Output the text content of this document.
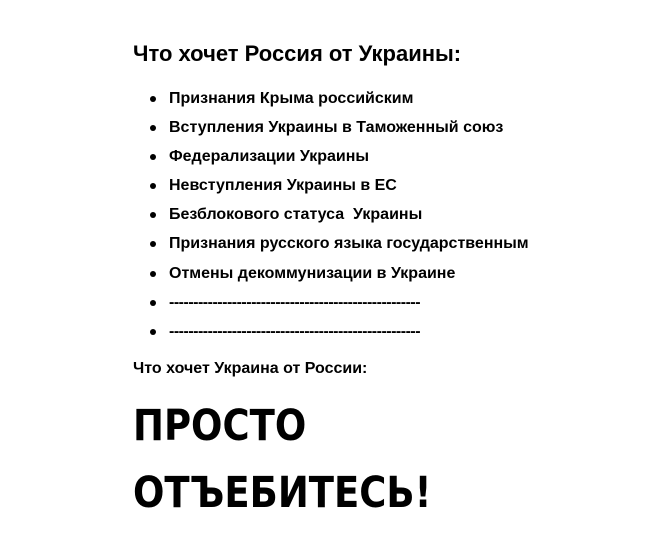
Что хочет Россия от Украины:
Признания Крыма российским
Вступления Украины в Таможенный союз
Федерализации Украины
Невступления Украины в ЕС
Безблокового статуса  Украины
Признания русского языка государственным
Отмены декоммунизации в Украине
----------------------------------------------------
----------------------------------------------------

Что хочет Украина от России:

ПРОСТО

ОТЪЕБИТЕСЬ!
